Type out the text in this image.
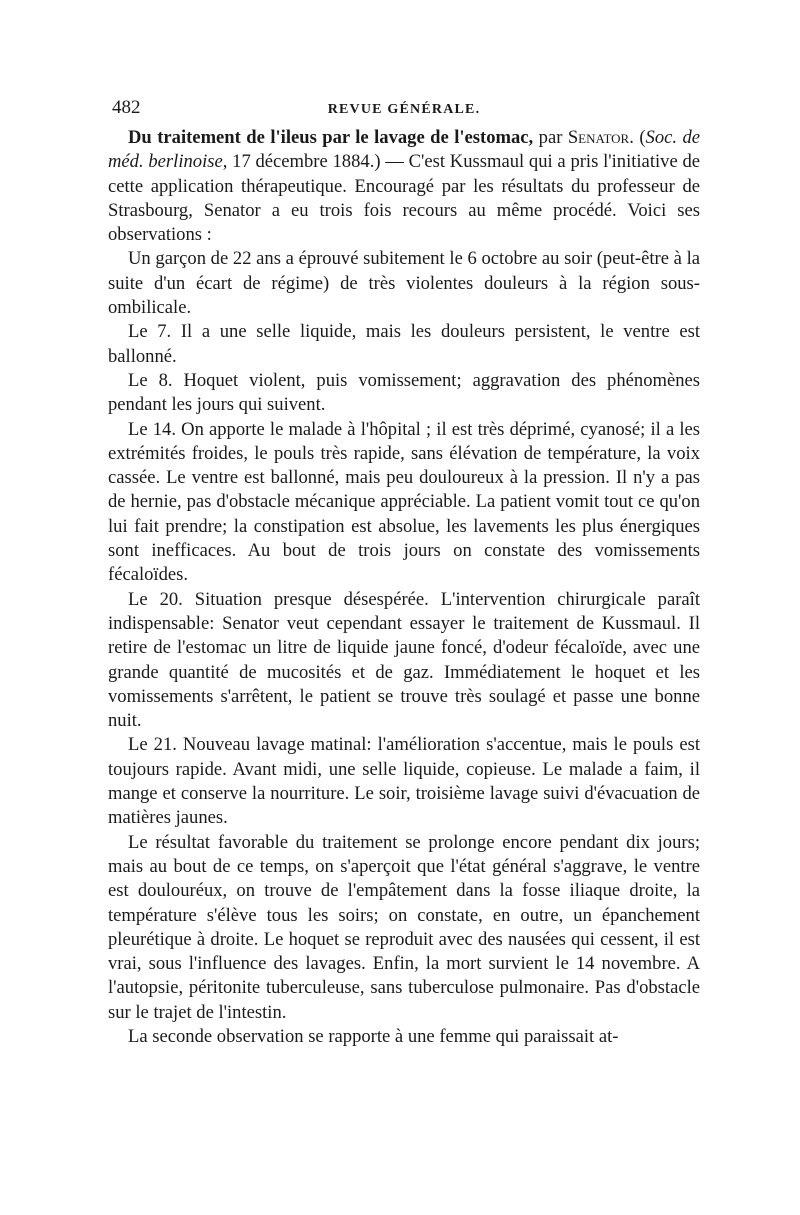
482	REVUE GÉNÉRALE.

Du traitement de l'ileus par le lavage de l'estomac, par Senator. (Soc. de méd. berlinoise, 17 décembre 1884.) — C'est Kussmaul qui a pris l'initiative de cette application thérapeutique. Encouragé par les résultats du professeur de Strasbourg, Senator a eu trois fois recours au même procédé. Voici ses observations :

Un garçon de 22 ans a éprouvé subitement le 6 octobre au soir (peut-être à la suite d'un écart de régime) de très violentes douleurs à la région sous-ombilicale.

Le 7. Il a une selle liquide, mais les douleurs persistent, le ventre est ballonné.

Le 8. Hoquet violent, puis vomissement; aggravation des phénomènes pendant les jours qui suivent.

Le 14. On apporte le malade à l'hôpital ; il est très déprimé, cyanosé; il a les extrémités froides, le pouls très rapide, sans élévation de température, la voix cassée. Le ventre est ballonné, mais peu douloureux à la pression. Il n'y a pas de hernie, pas d'obstacle mécanique appréciable. La patient vomit tout ce qu'on lui fait prendre; la constipation est absolue, les lavements les plus énergiques sont inefficaces. Au bout de trois jours on constate des vomissements fécaloïdes.

Le 20. Situation presque désespérée. L'intervention chirurgicale paraît indispensable: Senator veut cependant essayer le traitement de Kussmaul. Il retire de l'estomac un litre de liquide jaune foncé, d'odeur fécaloïde, avec une grande quantité de mucosités et de gaz. Immédiatement le hoquet et les vomissements s'arrêtent, le patient se trouve très soulagé et passe une bonne nuit.

Le 21. Nouveau lavage matinal: l'amélioration s'accentue, mais le pouls est toujours rapide. Avant midi, une selle liquide, copieuse. Le malade a faim, il mange et conserve la nourriture. Le soir, troisième lavage suivi d'évacuation de matières jaunes.

Le résultat favorable du traitement se prolonge encore pendant dix jours; mais au bout de ce temps, on s'aperçoit que l'état général s'aggrave, le ventre est doulouréux, on trouve de l'empâtement dans la fosse iliaque droite, la température s'élève tous les soirs; on constate, en outre, un épanchement pleurétique à droite. Le hoquet se reproduit avec des nausées qui cessent, il est vrai, sous l'influence des lavages. Enfin, la mort survient le 14 novembre. A l'autopsie, péritonite tuberculeuse, sans tuberculose pulmonaire. Pas d'obstacle sur le trajet de l'intestin.

La seconde observation se rapporte à une femme qui paraissait at-
